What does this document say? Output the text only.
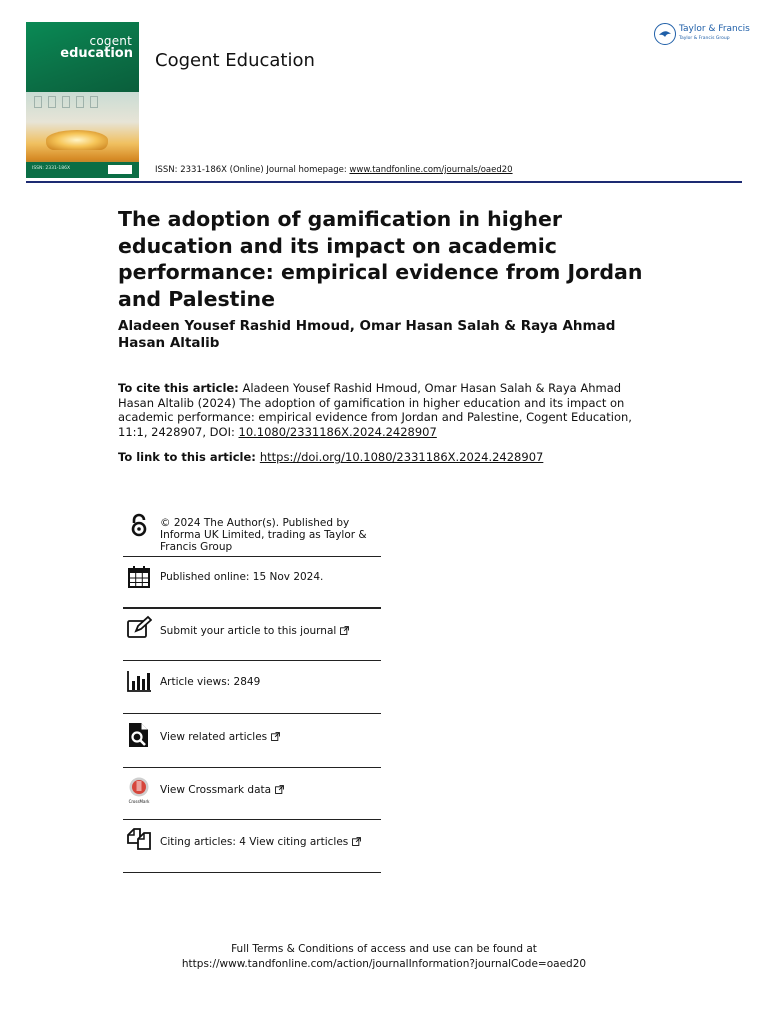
cogent
education
ISSN: 2331-186X
Cogent Education
Taylor & Francis
Taylor & Francis Group
ISSN: 2331-186X (Online) Journal homepage: www.tandfonline.com/journals/oaed20
The adoption of gamification in higher education and its impact on academic performance: empirical evidence from Jordan and Palestine
Aladeen Yousef Rashid Hmoud, Omar Hasan Salah & Raya Ahmad Hasan Altalib
To cite this article: Aladeen Yousef Rashid Hmoud, Omar Hasan Salah & Raya Ahmad Hasan Altalib (2024) The adoption of gamification in higher education and its impact on academic performance: empirical evidence from Jordan and Palestine, Cogent Education, 11:1, 2428907, DOI: 10.1080/2331186X.2024.2428907
To link to this article: https://doi.org/10.1080/2331186X.2024.2428907
© 2024 The Author(s). Published by Informa UK Limited, trading as Taylor & Francis Group
Published online: 15 Nov 2024.
Submit your article to this journal
Article views: 2849
View related articles
CrossMark
View Crossmark data
Citing articles: 4 View citing articles
Full Terms & Conditions of access and use can be found at
https://www.tandfonline.com/action/journalInformation?journalCode=oaed20
